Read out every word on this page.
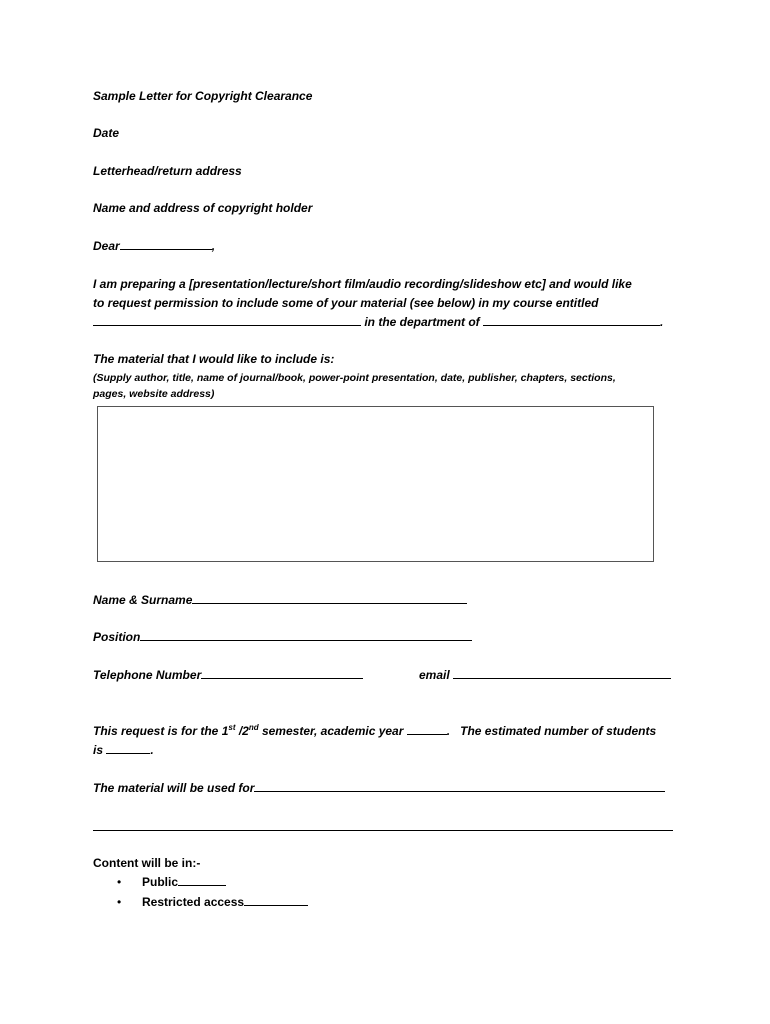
Sample Letter for Copyright Clearance
Date
Letterhead/return address
Name and address of copyright holder
Dear	,
I am preparing a [presentation/lecture/short film/audio recording/slideshow etc] and would like
to request permission to include some of your material (see below) in my course entitled
in the department of	.
The material that I would like to include is:
(Supply author, title, name of journal/book, power-point presentation, date, publisher, chapters, sections,
pages, website address)
Name & Surname
Position
Telephone Number	email
This request is for the 1st /2nd semester, academic year	. The estimated number of students
is	.
The material will be used for
Content will be in:-
• Public
• Restricted access
